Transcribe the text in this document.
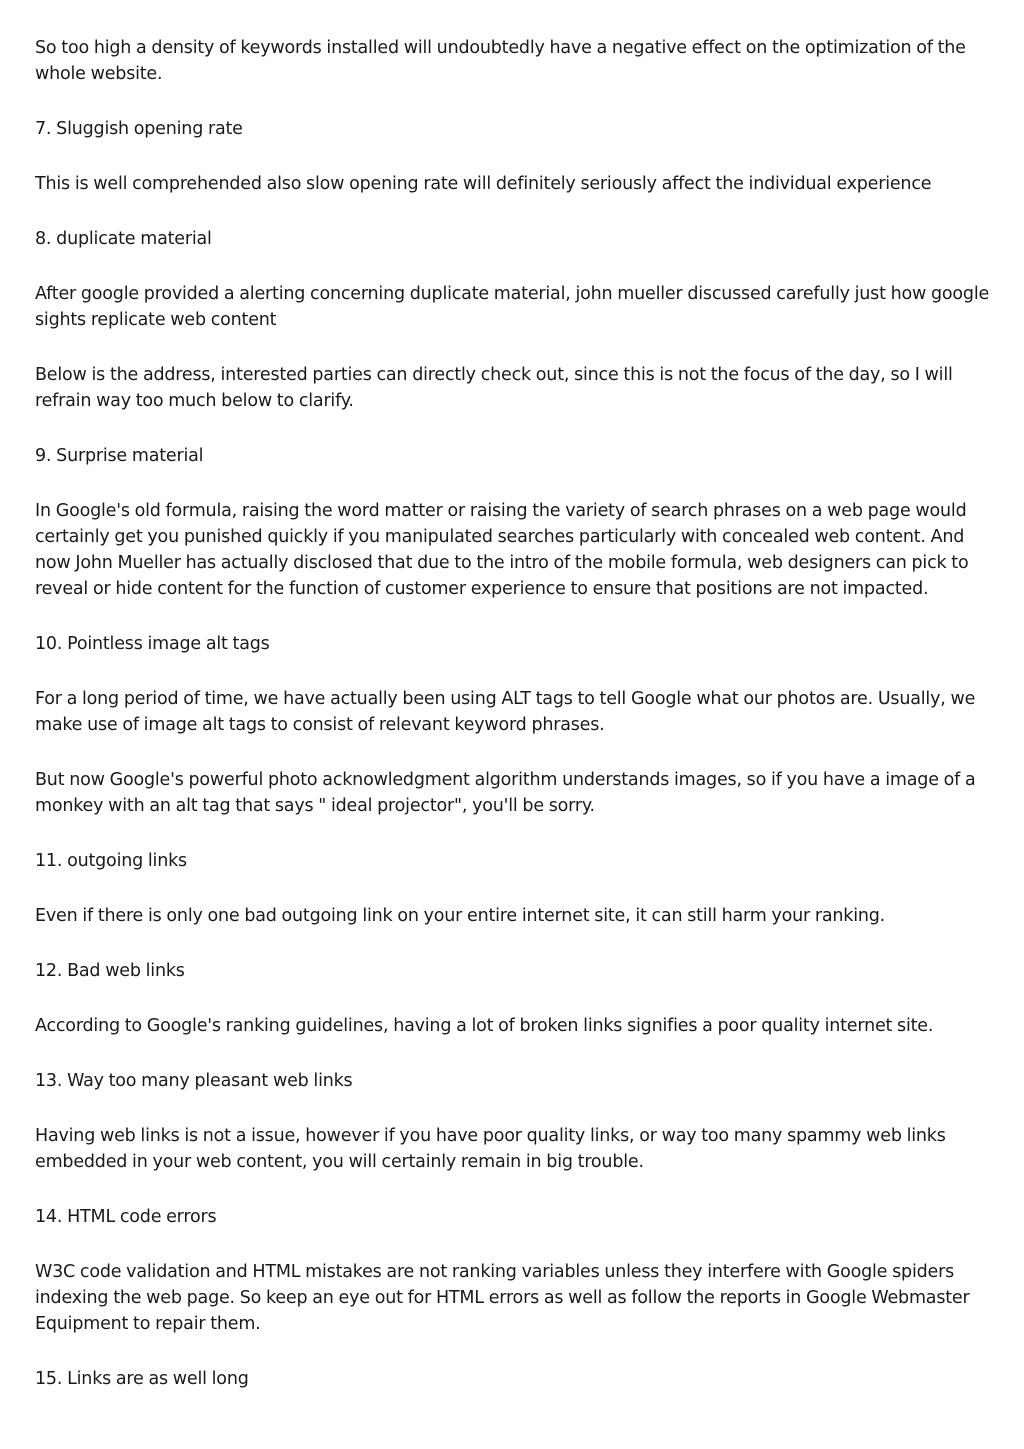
So too high a density of keywords installed will undoubtedly have a negative effect on the optimization of the whole website.

7. Sluggish opening rate

This is well comprehended also slow opening rate will definitely seriously affect the individual experience

8. duplicate material

After google provided a alerting concerning duplicate material, john mueller discussed carefully just how google sights replicate web content

Below is the address, interested parties can directly check out, since this is not the focus of the day, so I will refrain way too much below to clarify.

9. Surprise material

In Google's old formula, raising the word matter or raising the variety of search phrases on a web page would certainly get you punished quickly if you manipulated searches particularly with concealed web content. And now John Mueller has actually disclosed that due to the intro of the mobile formula, web designers can pick to reveal or hide content for the function of customer experience to ensure that positions are not impacted.

10. Pointless image alt tags

For a long period of time, we have actually been using ALT tags to tell Google what our photos are. Usually, we make use of image alt tags to consist of relevant keyword phrases.

But now Google's powerful photo acknowledgment algorithm understands images, so if you have a image of a monkey with an alt tag that says " ideal projector", you'll be sorry.

11. outgoing links

Even if there is only one bad outgoing link on your entire internet site, it can still harm your ranking.

12. Bad web links

According to Google's ranking guidelines, having a lot of broken links signifies a poor quality internet site.

13. Way too many pleasant web links

Having web links is not a issue, however if you have poor quality links, or way too many spammy web links embedded in your web content, you will certainly remain in big trouble.

14. HTML code errors

W3C code validation and HTML mistakes are not ranking variables unless they interfere with Google spiders indexing the web page. So keep an eye out for HTML errors as well as follow the reports in Google Webmaster Equipment to repair them.

15. Links are as well long
